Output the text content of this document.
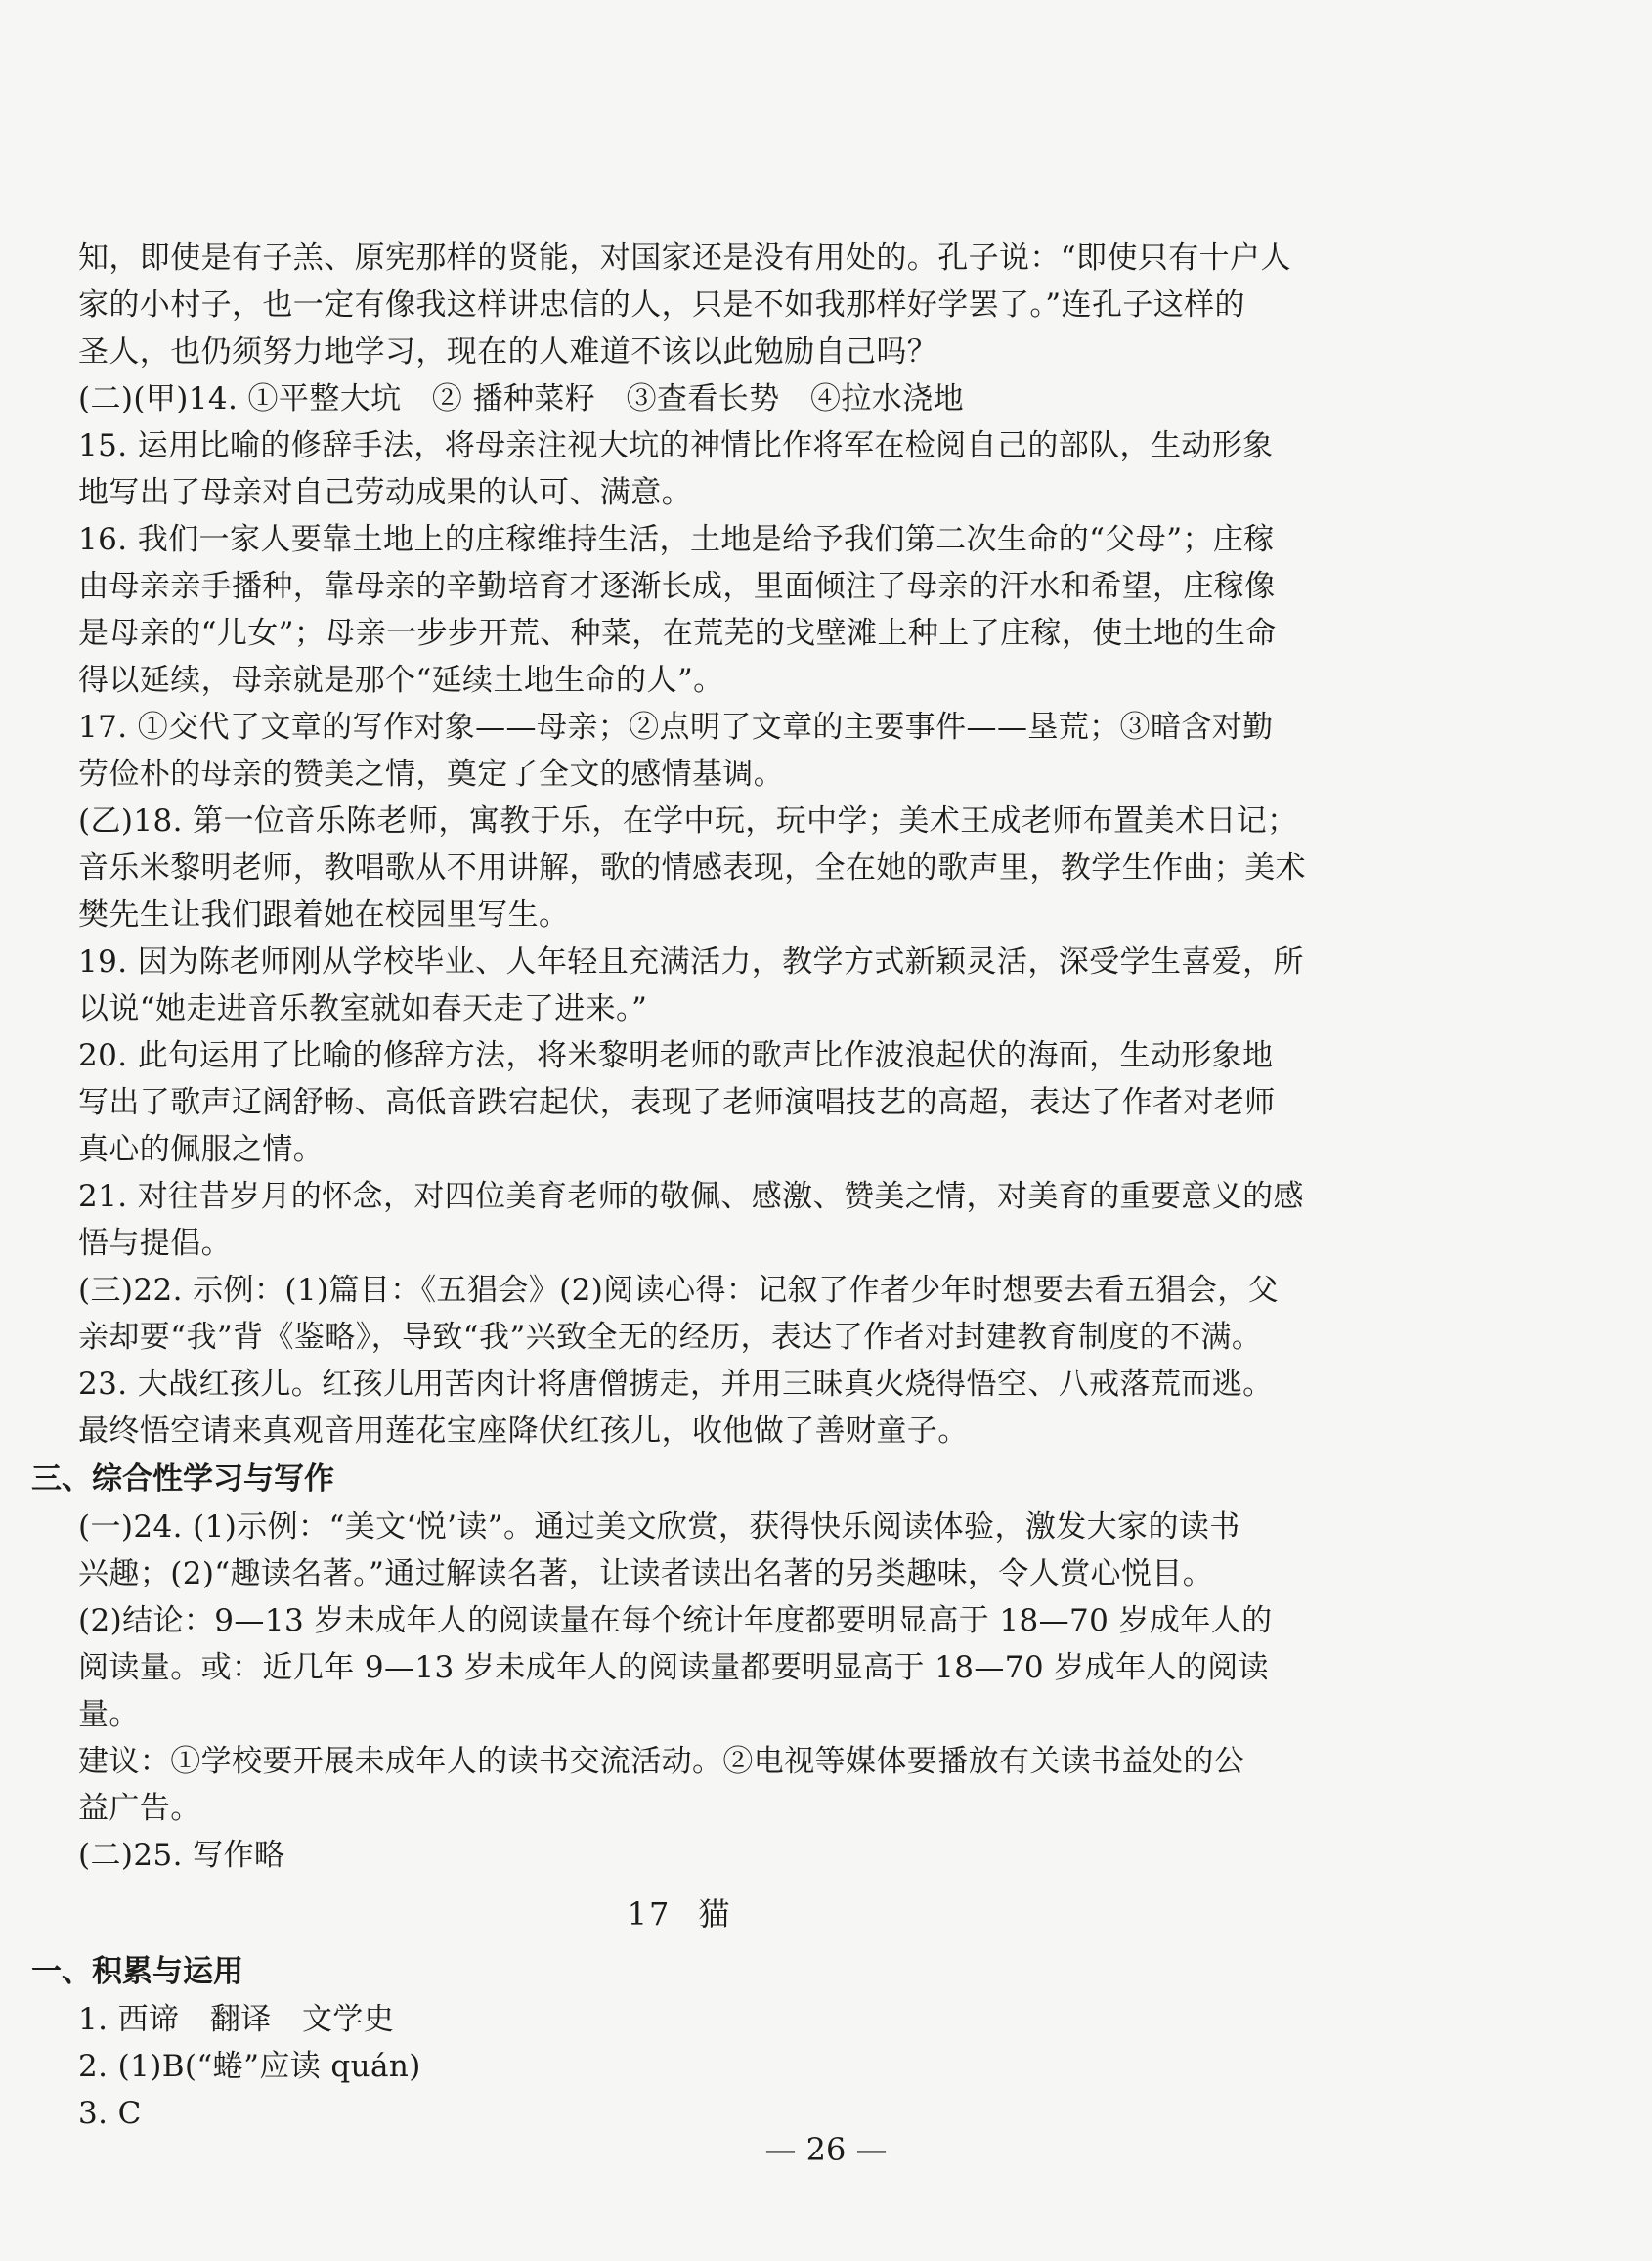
知，即使是有子羔、原宪那样的贤能，对国家还是没有用处的。孔子说：“即使只有十户人
家的小村子，也一定有像我这样讲忠信的人，只是不如我那样好学罢了。”连孔子这样的
圣人，也仍须努力地学习，现在的人难道不该以此勉励自己吗？
(二)(甲)14. ①平整大坑　② 播种菜籽　③查看长势　④拉水浇地
15. 运用比喻的修辞手法，将母亲注视大坑的神情比作将军在检阅自己的部队，生动形象
地写出了母亲对自己劳动成果的认可、满意。
16. 我们一家人要靠土地上的庄稼维持生活，土地是给予我们第二次生命的“父母”；庄稼
由母亲亲手播种，靠母亲的辛勤培育才逐渐长成，里面倾注了母亲的汗水和希望，庄稼像
是母亲的“儿女”；母亲一步步开荒、种菜，在荒芜的戈壁滩上种上了庄稼，使土地的生命
得以延续，母亲就是那个“延续土地生命的人”。
17. ①交代了文章的写作对象——母亲；②点明了文章的主要事件——垦荒；③暗含对勤
劳俭朴的母亲的赞美之情，奠定了全文的感情基调。
(乙)18. 第一位音乐陈老师，寓教于乐，在学中玩，玩中学；美术王成老师布置美术日记；
音乐米黎明老师，教唱歌从不用讲解，歌的情感表现，全在她的歌声里，教学生作曲；美术
樊先生让我们跟着她在校园里写生。
19. 因为陈老师刚从学校毕业、人年轻且充满活力，教学方式新颖灵活，深受学生喜爱，所
以说“她走进音乐教室就如春天走了进来。”
20. 此句运用了比喻的修辞方法，将米黎明老师的歌声比作波浪起伏的海面，生动形象地
写出了歌声辽阔舒畅、高低音跌宕起伏，表现了老师演唱技艺的高超，表达了作者对老师
真心的佩服之情。
21. 对往昔岁月的怀念，对四位美育老师的敬佩、感激、赞美之情，对美育的重要意义的感
悟与提倡。
(三)22. 示例：(1)篇目：《五猖会》(2)阅读心得：记叙了作者少年时想要去看五猖会，父
亲却要“我”背《鉴略》，导致“我”兴致全无的经历，表达了作者对封建教育制度的不满。
23. 大战红孩儿。红孩儿用苦肉计将唐僧掳走，并用三昧真火烧得悟空、八戒落荒而逃。
最终悟空请来真观音用莲花宝座降伏红孩儿，收他做了善财童子。
三、综合性学习与写作
(一)24. (1)示例：“美文‘悦’读”。通过美文欣赏，获得快乐阅读体验，激发大家的读书
兴趣；(2)“趣读名著。”通过解读名著，让读者读出名著的另类趣味，令人赏心悦目。
(2)结论：9—13 岁未成年人的阅读量在每个统计年度都要明显高于 18—70 岁成年人的
阅读量。或：近几年 9—13 岁未成年人的阅读量都要明显高于 18—70 岁成年人的阅读
量。
建议：①学校要开展未成年人的读书交流活动。②电视等媒体要播放有关读书益处的公
益广告。
(二)25. 写作略
17 猫
一、积累与运用
1. 西谛　翻译　文学史
2. (1)B(“蜷”应读 quán)
3. C
— 26 —
